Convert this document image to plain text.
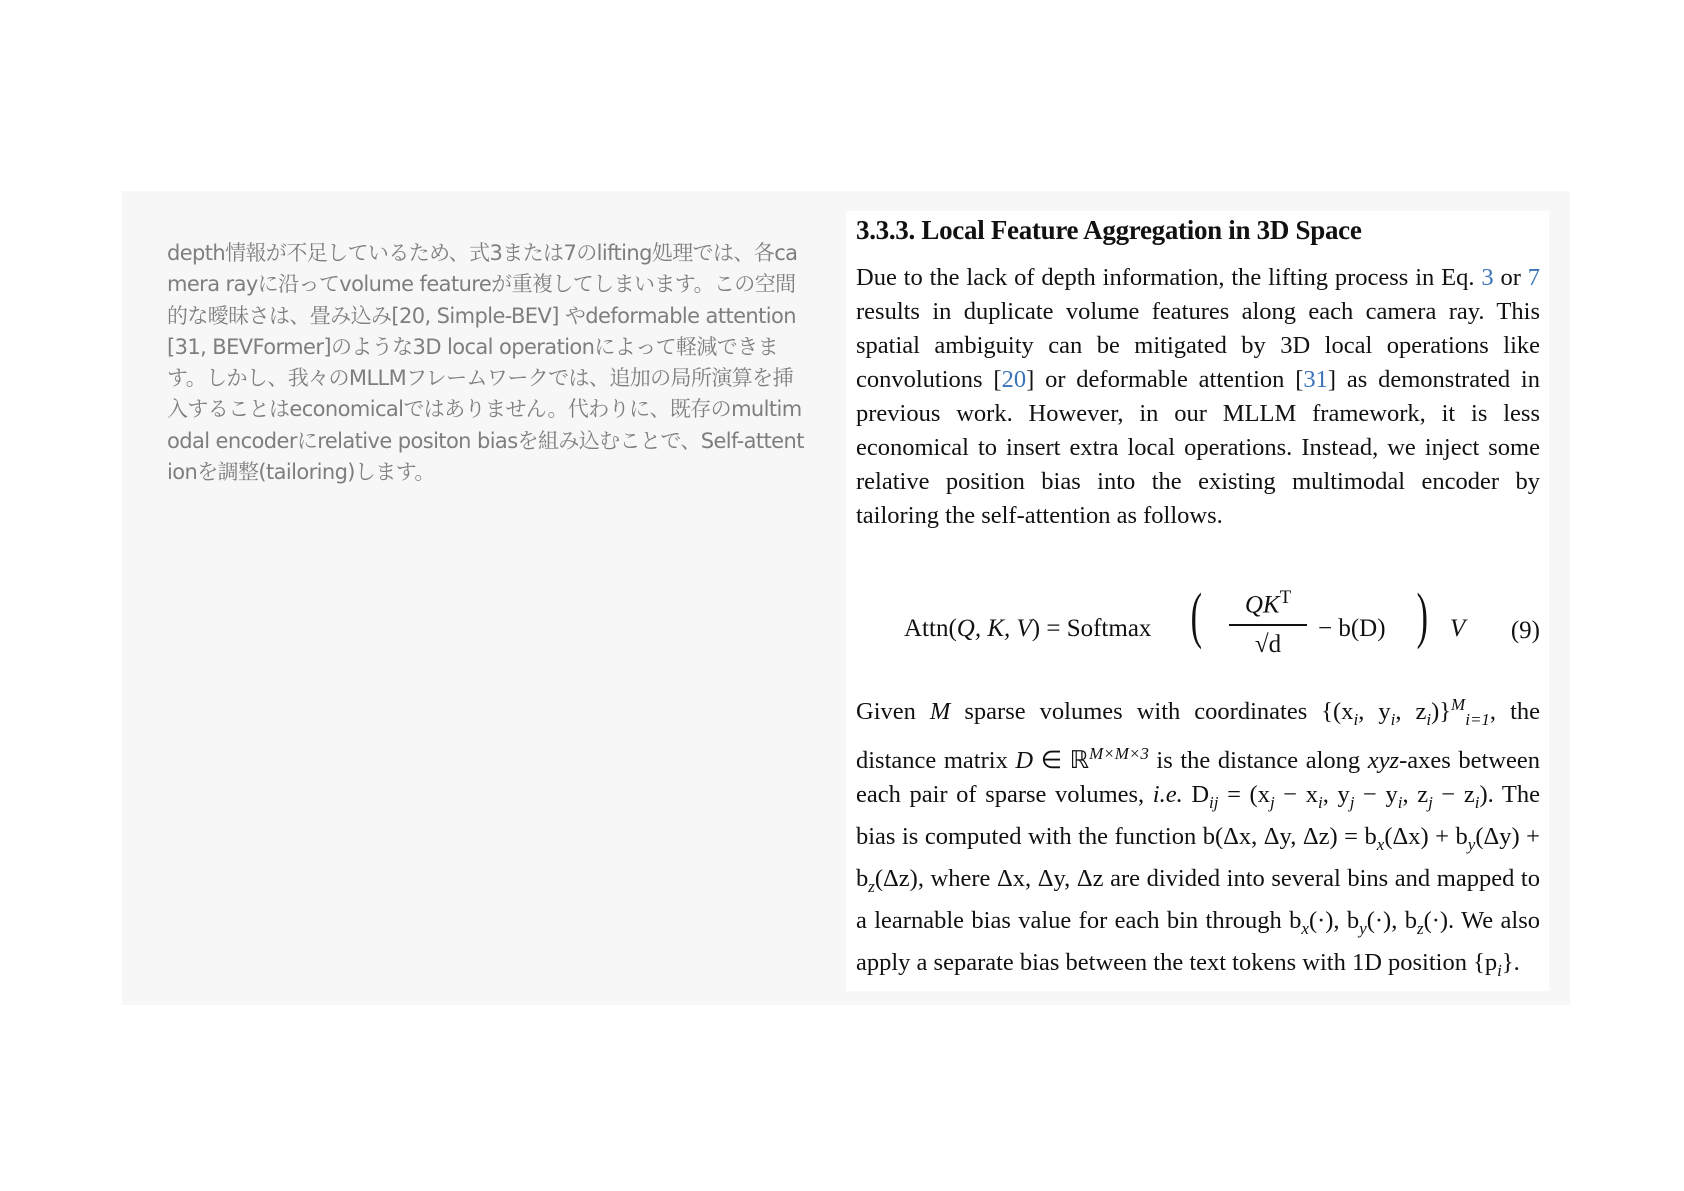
depth情報が不足しているため、式3または7のlifting処理では、各camera rayに沿ってvolume featureが重複してしまいます。この空間的な曖昧さは、畳み込み[20, Simple-BEV] やdeformable attention[31, BEVFormer]のような3D local operationによって軽減できます。しかし、我々のMLLMフレームワークでは、追加の局所演算を挿入することはeconomicalではありません。代わりに、既存のmultimodal encoderにrelative positon biasを組み込むことで、Self-attentionを調整(tailoring)します。
3.3.3. Local Feature Aggregation in 3D Space

Due to the lack of depth information, the lifting process in Eq. 3 or 7 results in duplicate volume features along each camera ray. This spatial ambiguity can be mitigated by 3D local operations like convolutions [20] or deformable attention [31] as demonstrated in previous work. However, in our MLLM framework, it is less economical to insert extra local operations. Instead, we inject some relative position bias into the existing multimodal encoder by tailoring the self-attention as follows.

Attn(Q, K, V) = Softmax (	$QK^T$
√d
− b(D) ) V (9)

Given M sparse volumes with coordinates {($x_i$, $y_i$, $z_i)\}^M_{i=1}$, the distance matrix D ∈ ℝ$^{M\times M\times 3}$ is the distance along xyz-axes between each pair of sparse volumes, i.e. $D_{ij} = (x_j - x_i$, $y_j - y_i$, $z_j - z_i$). The bias is computed with the function b(Δx, Δy, $\Delta z) = b_x(\Delta x) + b_y(\Delta y) + b_z(\Delta z)$, where Δx, Δy, Δz are divided into several bins and mapped to a learnable bias value for each bin through $b_x(\cdot)$, $b_y(\cdot)$, $b_z(\cdot)$. We also apply a separate bias between the text tokens with 1D position $\{p_i\}$.
